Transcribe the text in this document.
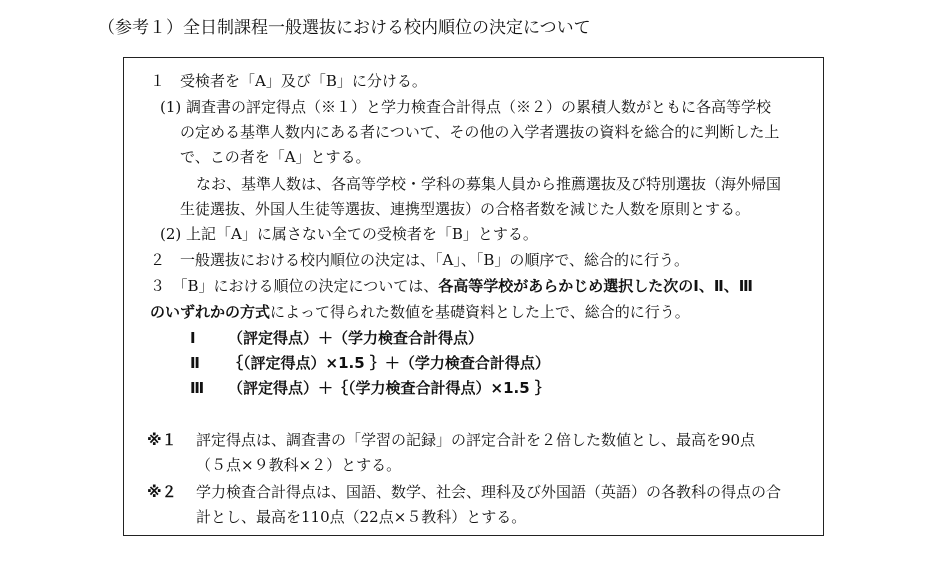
（参考１）全日制課程一般選抜における校内順位の決定について
１　受検者を「A」及び「B」に分ける。
(1) 調査書の評定得点（※１）と学力検査合計得点（※２）の累積人数がともに各高等学校
の定める基準人数内にある者について、その他の入学者選抜の資料を総合的に判断した上
で、この者を「A」とする。
なお、基準人数は、各高等学校・学科の募集人員から推薦選抜及び特別選抜（海外帰国
生徒選抜、外国人生徒等選抜、連携型選抜）の合格者数を減じた人数を原則とする。
(2) 上記「A」に属さない全ての受検者を「B」とする。
２　一般選抜における校内順位の決定は、「A」、「B」の順序で、総合的に行う。
３　「B」における順位の決定については、各高等学校があらかじめ選択した次のⅠ、Ⅱ、Ⅲ
のいずれかの方式によって得られた数値を基礎資料とした上で、総合的に行う。
Ⅰ （評定得点）＋（学力検査合計得点）
Ⅱ ｛（評定得点）×1.5 ｝＋（学力検査合計得点）
Ⅲ （評定得点）＋｛（学力検査合計得点）×1.5 ｝
※１ 評定得点は、調査書の「学習の記録」の評定合計を２倍した数値とし、最高を90点
（５点×９教科×２）とする。
※２ 学力検査合計得点は、国語、数学、社会、理科及び外国語（英語）の各教科の得点の合
計とし、最高を110点（22点×５教科）とする。
